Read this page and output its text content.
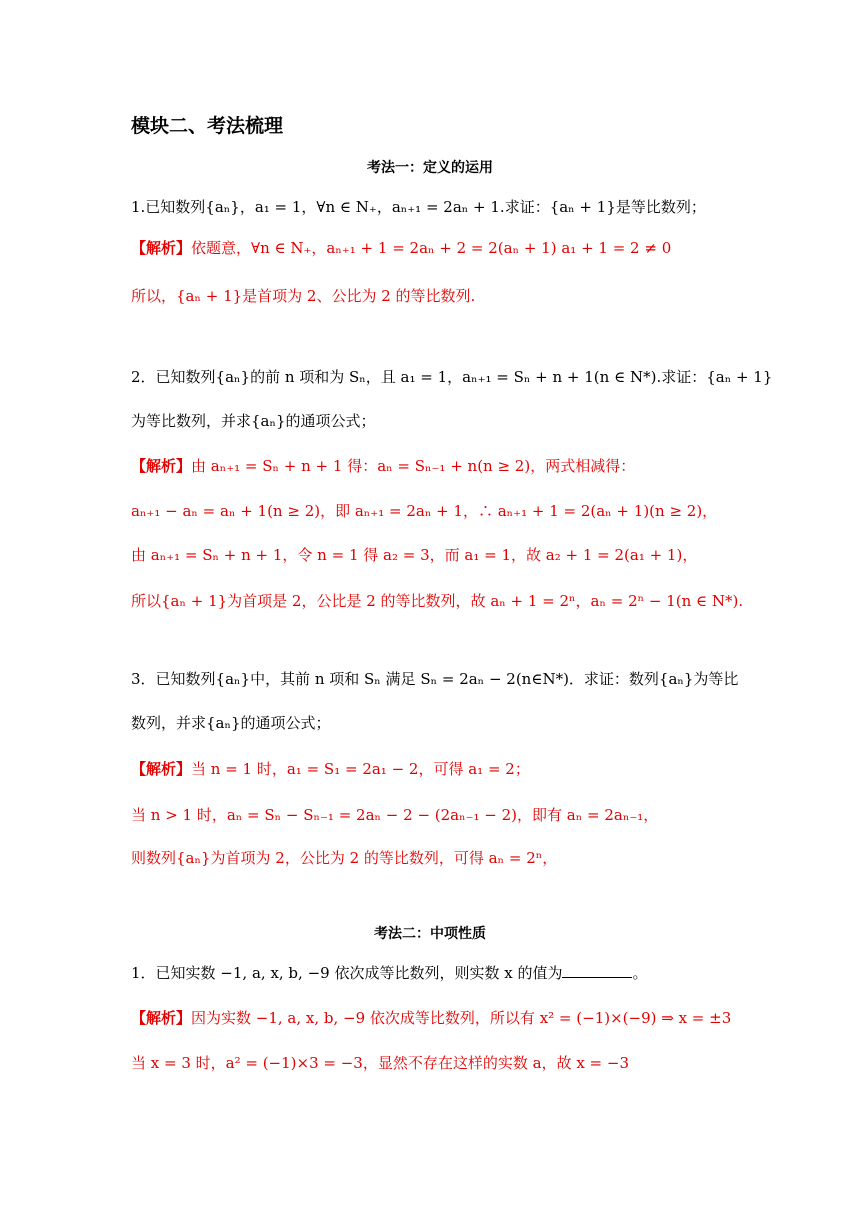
模块二、考法梳理
考法一：定义的运用
1.已知数列{aₙ}，a₁ = 1，∀n ∈ N₊，aₙ₊₁ = 2aₙ + 1.求证：{aₙ + 1}是等比数列；
【解析】依题意，∀n ∈ N₊，aₙ₊₁ + 1 = 2aₙ + 2 = 2(aₙ + 1) a₁ + 1 = 2 ≠ 0
所以，{aₙ + 1}是首项为 2、公比为 2 的等比数列.
2．已知数列{aₙ}的前 n 项和为 Sₙ，且 a₁ = 1，aₙ₊₁ = Sₙ + n + 1(n ∈ N*).求证：{aₙ + 1}
为等比数列，并求{aₙ}的通项公式；
【解析】由 aₙ₊₁ = Sₙ + n + 1 得：aₙ = Sₙ₋₁ + n(n ≥ 2)，两式相减得：
aₙ₊₁ − aₙ = aₙ + 1(n ≥ 2)，即 aₙ₊₁ = 2aₙ + 1，∴ aₙ₊₁ + 1 = 2(aₙ + 1)(n ≥ 2)，
由 aₙ₊₁ = Sₙ + n + 1，令 n = 1 得 a₂ = 3，而 a₁ = 1，故 a₂ + 1 = 2(a₁ + 1)，
所以{aₙ + 1}为首项是 2，公比是 2 的等比数列，故 aₙ + 1 = 2ⁿ，aₙ = 2ⁿ − 1(n ∈ N*).
3．已知数列{aₙ}中，其前 n 项和 Sₙ 满足 Sₙ = 2aₙ − 2(n∈N*)．求证：数列{aₙ}为等比
数列，并求{aₙ}的通项公式；
【解析】当 n = 1 时，a₁ = S₁ = 2a₁ − 2，可得 a₁ = 2；
当 n > 1 时，aₙ = Sₙ − Sₙ₋₁ = 2aₙ − 2 − (2aₙ₋₁ − 2)，即有 aₙ = 2aₙ₋₁，
则数列{aₙ}为首项为 2，公比为 2 的等比数列，可得 aₙ = 2ⁿ，
考法二：中项性质
1．已知实数 −1, a, x, b, −9 依次成等比数列，则实数 x 的值为	。
【解析】因为实数 −1, a, x, b, −9 依次成等比数列，所以有 x² = (−1)×(−9) ⇒ x = ±3
当 x = 3 时，a² = (−1)×3 = −3，显然不存在这样的实数 a，故 x = −3
